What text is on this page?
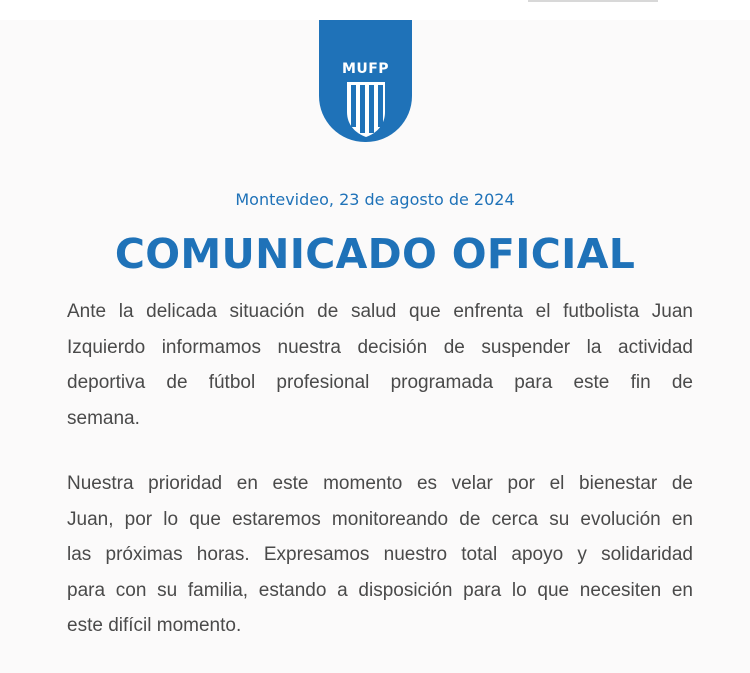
MUFP
Montevideo, 23 de agosto de 2024
COMUNICADO OFICIAL

Ante la delicada situación de salud que enfrenta el futbolista Juan
Izquierdo informamos nuestra decisión de suspender la actividad
deportiva de fútbol profesional programada para este fin de
semana.

Nuestra prioridad en este momento es velar por el bienestar de
Juan, por lo que estaremos monitoreando de cerca su evolución en
las próximas horas. Expresamos nuestro total apoyo y solidaridad
para con su familia, estando a disposición para lo que necesiten en
este difícil momento.
